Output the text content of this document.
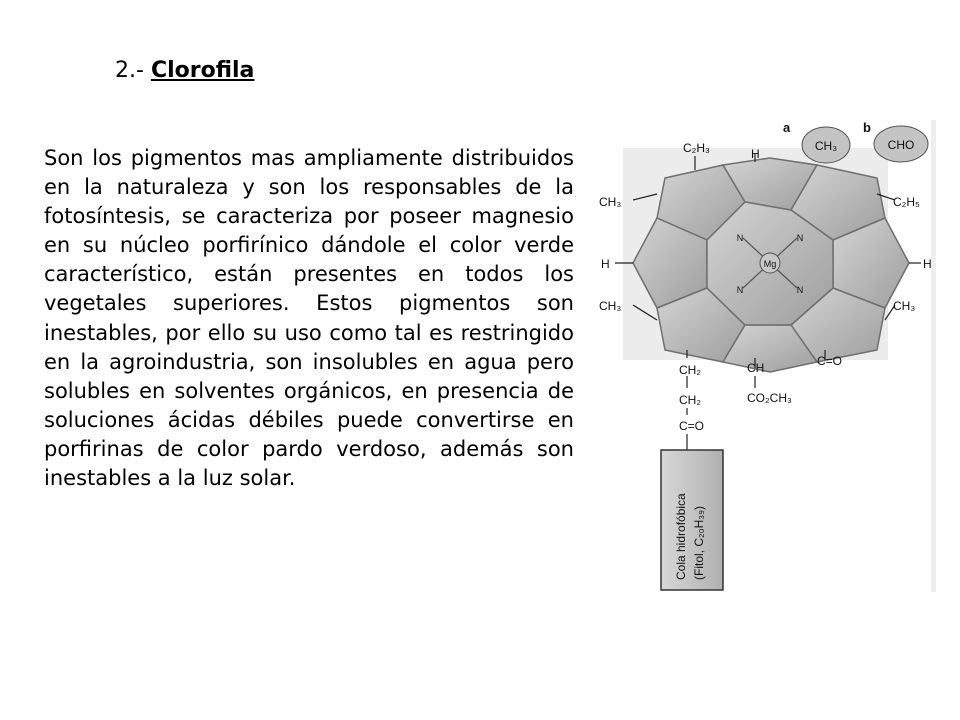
2.- Clorofila

Son los pigmentos mas ampliamente distribuidos en la naturaleza y son los responsables de la fotosíntesis, se caracteriza por poseer magnesio en su núcleo porfirínico dándole el color verde característico, están presentes en todos los vegetales superiores. Estos pigmentos son inestables, por ello su uso como tal es restringido en la agroindustria, son insolubles en agua pero solubles en solventes orgánicos, en presencia de soluciones ácidas débiles puede convertirse en porfirinas de color pardo verdoso, además son inestables a la luz solar.

Mg
N	N
N	N
a	b
CH₃	CHO
C₂H₃	H
CH₃	C₂H₅
H	H
CH₃	CH₃
CH₂
CH₂
C=O
CH
CO₂CH₃
C=O
Cola hidrofóbica (Fitol, C₂₀H₃₉)
